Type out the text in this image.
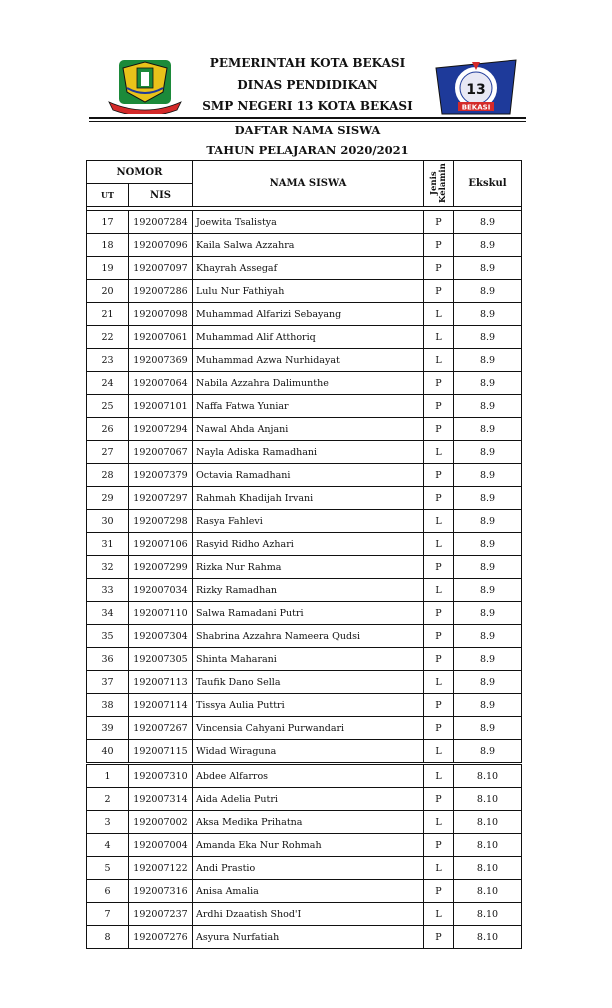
PEMERINTAH KOTA BEKASI
DINAS PENDIDIKAN
SMP NEGERI 13 KOTA BEKASI
13
BEKASI
DAFTAR NAMA SISWA
TAHUN PELAJARAN 2020/2021
NOMOR		NAMA SISWA	Jenis Kelamin	Ekskul
UT	NIS			

17	192007284	Joewita Tsalistya	P	8.9
18	192007096	Kaila Salwa Azzahra	P	8.9
19	192007097	Khayrah Assegaf	P	8.9
20	192007286	Lulu Nur Fathiyah	P	8.9
21	192007098	Muhammad Alfarizi Sebayang	L	8.9
22	192007061	Muhammad Alif Atthoriq	L	8.9
23	192007369	Muhammad Azwa Nurhidayat	L	8.9
24	192007064	Nabila Azzahra Dalimunthe	P	8.9
25	192007101	Naffa Fatwa Yuniar	P	8.9
26	192007294	Nawal Ahda Anjani	P	8.9
27	192007067	Nayla Adiska Ramadhani	L	8.9
28	192007379	Octavia Ramadhani	P	8.9
29	192007297	Rahmah Khadijah Irvani	P	8.9
30	192007298	Rasya Fahlevi	L	8.9
31	192007106	Rasyid Ridho Azhari	L	8.9
32	192007299	Rizka Nur Rahma	P	8.9
33	192007034	Rizky Ramadhan	L	8.9
34	192007110	Salwa Ramadani Putri	P	8.9
35	192007304	Shabrina Azzahra Nameera Qudsi	P	8.9
36	192007305	Shinta Maharani	P	8.9
37	192007113	Taufik Dano Sella	L	8.9
38	192007114	Tissya Aulia Puttri	P	8.9
39	192007267	Vincensia Cahyani Purwandari	P	8.9
40	192007115	Widad Wiraguna	L	8.9
1	192007310	Abdee Alfarros	L	8.10
2	192007314	Aida Adelia Putri	P	8.10
3	192007002	Aksa Medika Prihatna	L	8.10
4	192007004	Amanda Eka Nur Rohmah	P	8.10
5	192007122	Andi Prastio	L	8.10
6	192007316	Anisa Amalia	P	8.10
7	192007237	Ardhi Dzaatish Shod'I	L	8.10
8	192007276	Asyura Nurfatiah	P	8.10
